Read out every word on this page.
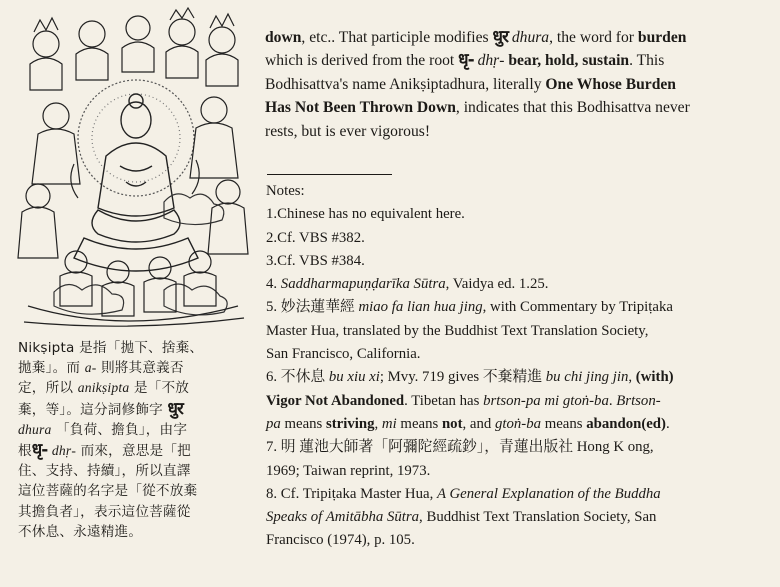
Nikṣipta 是指「拋下、捨棄、
拋棄」。而 a- 則將其意義否
定，所以 anikṣipta 是「不放
棄，等」。這分詞修飾字 धुर
dhura 「負荷、擔負」，由字
根धृ- dhṛ- 而來，意思是「把
住、支持、持續」，所以直譯
這位菩薩的名字是「從不放棄
其擔負者」，表示這位菩薩從
不休息、永遠精進。
down, etc.. That participle modifies धुर dhura, the word for burden
which is derived from the root धृ- dhṛ- bear, hold, sustain. This
Bodhisattva's name Anikṣiptadhura, literally One Whose Burden
Has Not Been Thrown Down, indicates that this Bodhisattva never
rests, but is ever vigorous!
Notes:
1.Chinese has no equivalent here.
2.Cf. VBS #382.
3.Cf. VBS #384.
4. Saddharmapuṇḍarīka Sūtra, Vaidya ed. 1.25.
5. 妙法蓮華經 miao fa lian hua jing, with Commentary by Tripiṭaka
Master Hua, translated by the Buddhist Text Translation Society,
San Francisco, California.
6. 不休息 bu xiu xi; Mvy. 719 gives 不棄精進 bu chi jing jin, (with)
Vigor Not Abandoned. Tibetan has brtson-pa mi gtoṅ-ba. Brtson-
pa means striving, mi means not, and gtoṅ-ba means abandon(ed).
7. 明 蓮池大師著「阿彌陀經疏鈔」，青蓮出版社 Hong K ong,
1969; Taiwan reprint, 1973.
8. Cf. Tripiṭaka Master Hua, A General Explanation of the Buddha
Speaks of Amitābha Sūtra, Buddhist Text Translation Society, San
Francisco (1974), p. 105.
